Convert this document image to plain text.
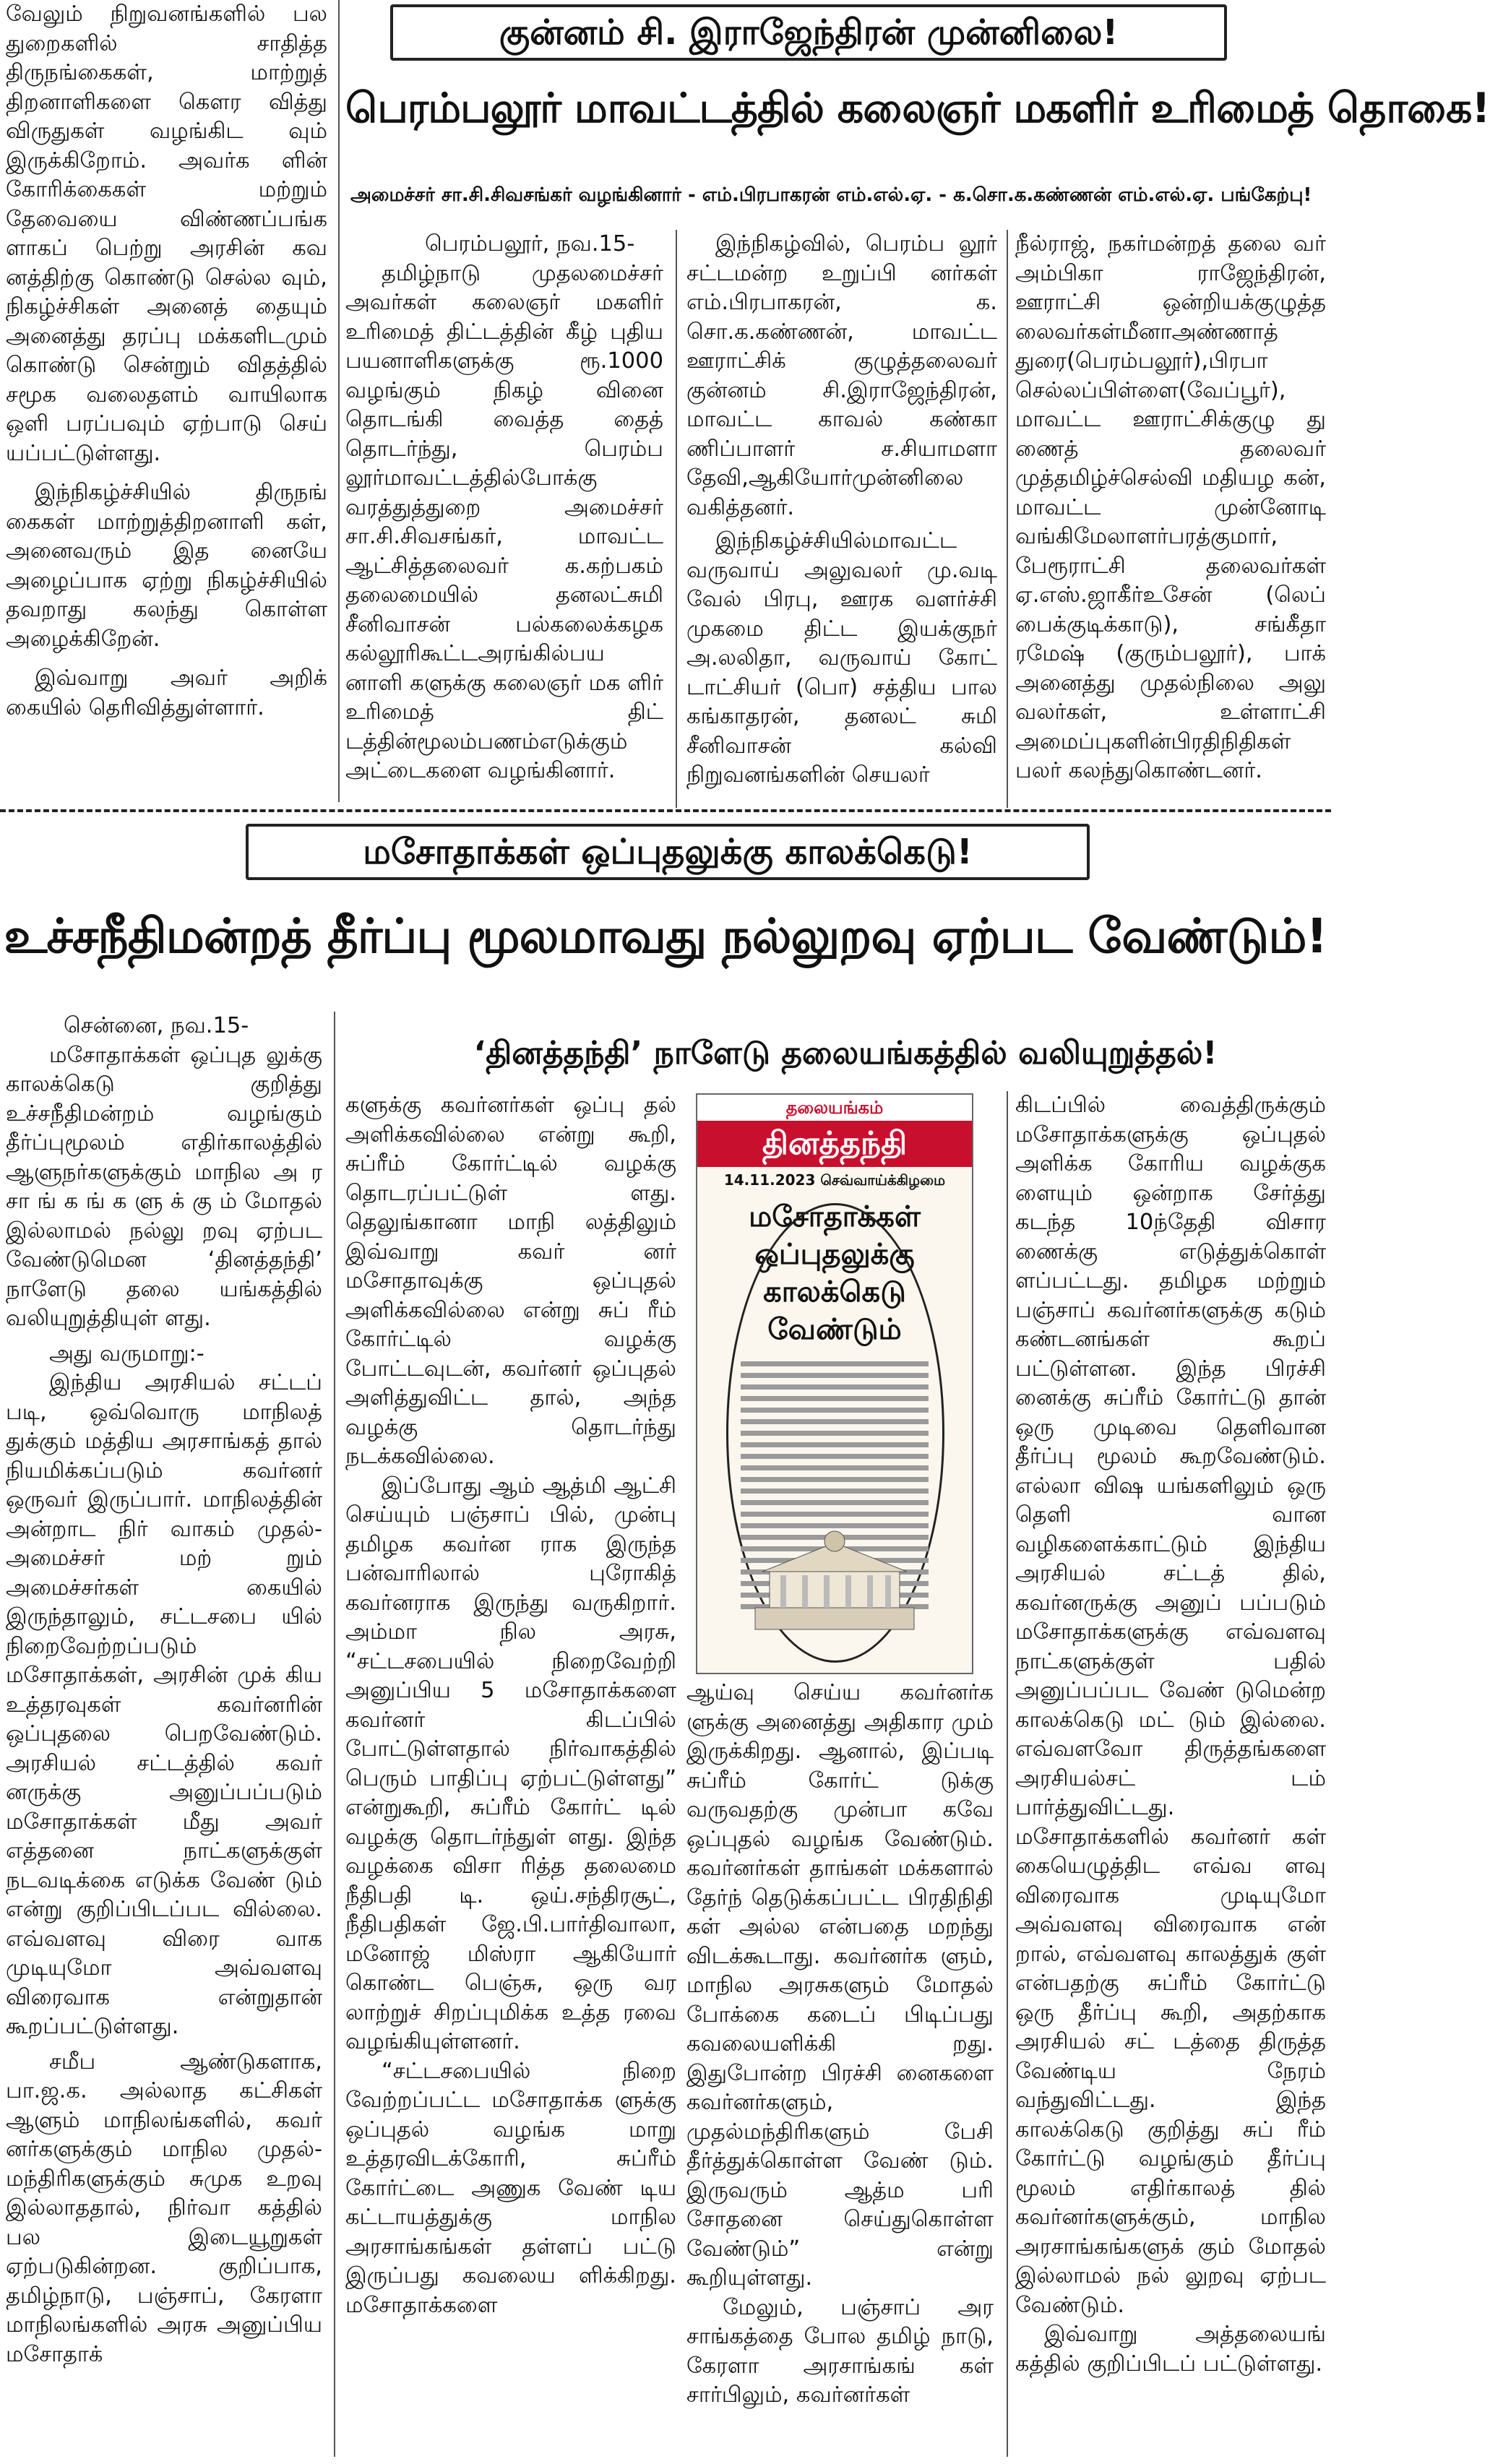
வேலும் நிறுவனங்களில் பல துறைகளில் சாதித்த திருநங்கைகள், மாற்றுத் திறனாளிகளை கௌர வித்து விருதுகள் வழங்கிட வும் இருக்கிறோம். அவர்க ளின் கோரிக்கைகள் மற்றும் தேவையை விண்ணப்பங்க ளாகப் பெற்று அரசின் கவ னத்திற்கு கொண்டு செல்ல வும், நிகழ்ச்சிகள் அனைத் தையும் அனைத்து தரப்பு மக்களிடமும் கொண்டு சென்றும் விதத்தில் சமூக வலைதளம் வாயிலாக ஒளி பரப்பவும் ஏற்பாடு செய் யப்பட்டுள்ளது.

இந்நிகழ்ச்சியில் திருநங் கைகள் மாற்றுத்திறனாளி கள், அனைவரும் இத னையே அழைப்பாக ஏற்று நிகழ்ச்சியில் தவறாது கலந்து கொள்ள அழைக்கிறேன்.

இவ்வாறு அவர் அறிக் கையில் தெரிவித்துள்ளார்.

குன்னம் சி. இராஜேந்திரன் முன்னிலை!
பெரம்பலூர் மாவட்டத்தில் கலைஞர் மகளிர் உரிமைத் தொகை!
அமைச்சர் சா.சி.சிவசங்கர் வழங்கினார் - எம்.பிரபாகரன் எம்.எல்.ஏ. - க.சொ.க.கண்ணன் எம்.எல்.ஏ. பங்கேற்பு!

பெரம்பலூர், நவ.15-

தமிழ்நாடு முதலமைச்சர் அவர்கள் கலைஞர் மகளிர் உரிமைத் திட்டத்தின் கீழ் புதிய பயனாளிகளுக்கு ரூ.1000 வழங்கும் நிகழ் வினை தொடங்கி வைத்த தைத் தொடர்ந்து, பெரம்ப லூர்மாவட்டத்தில்போக்கு வரத்துத்துறை அமைச்சர் சா.சி.சிவசங்கர், மாவட்ட ஆட்சித்தலைவர் க.கற்பகம் தலைமையில் தனலட்சுமி சீனிவாசன் பல்கலைக்கழக கல்லூரிகூட்டஅரங்கில்பய னாளி களுக்கு கலைஞர் மக ளிர் உரிமைத் திட் டத்தின்மூலம்பணம்எடுக்கும் அட்டைகளை வழங்கினார்.

இந்நிகழ்வில், பெரம்ப லூர் சட்டமன்ற உறுப்பி னர்கள் எம்.பிரபாகரன், க. சொ.க.கண்ணன், மாவட்ட ஊராட்சிக் குழுத்தலைவர் குன்னம் சி.இராஜேந்திரன், மாவட்ட காவல் கண்கா ணிப்பாளர் ச.சியாமளா தேவி,ஆகியோர்முன்னிலை வகித்தனர்.

இந்நிகழ்ச்சியில்மாவட்ட வருவாய் அலுவலர் மு.வடி வேல் பிரபு, ஊரக வளர்ச்சி முகமை திட்ட இயக்குநர் அ.லலிதா, வருவாய் கோட் டாட்சியர் (பொ) சத்திய பால கங்காதரன், தனலட் சுமி சீனிவாசன் கல்வி நிறுவனங்களின் செயலர்

நீல்ராஜ், நகர்மன்றத் தலை வர் அம்பிகா ராஜேந்திரன், ஊராட்சி ஒன்றியக்குழுத்த லைவர்கள்மீனாஅண்ணாத் துரை(பெரம்பலூர்),பிரபா செல்லப்பிள்ளை(வேப்பூர்), மாவட்ட ஊராட்சிக்குழு து ணைத் தலைவர் முத்தமிழ்ச்செல்வி மதியழ கன், மாவட்ட முன்னோடி வங்கிமேலாளர்பரத்குமார், பேரூராட்சி தலைவர்கள் ஏ.எஸ்.ஜாகீர்உசேன் (லெப் பைக்குடிக்காடு), சங்கீதா ரமேஷ் (குரும்பலூர்), பாக் அனைத்து முதல்நிலை அலு வலர்கள், உள்ளாட்சி அமைப்புகளின்பிரதிநிதிகள் பலர் கலந்துகொண்டனர்.

மசோதாக்கள் ஒப்புதலுக்கு காலக்கெடு!
உச்சநீதிமன்றத் தீர்ப்பு மூலமாவது நல்லுறவு ஏற்பட வேண்டும்!

சென்னை, நவ.15-

மசோதாக்கள் ஒப்புத லுக்கு காலக்கெடு குறித்து உச்சநீதிமன்றம் வழங்கும் தீர்ப்புமூலம் எதிர்காலத்தில் ஆளுநர்களுக்கும் மாநில அ ர சா ங் க ங் க ளு க் கு ம் மோதல் இல்லாமல் நல்லு றவு ஏற்பட வேண்டுமென ‘தினத்தந்தி’ நாளேடு தலை யங்கத்தில் வலியுறுத்தியுள் ளது.

அது வருமாறு:-

இந்திய அரசியல் சட்டப் படி, ஒவ்வொரு மாநிலத் துக்கும் மத்திய அரசாங்கத் தால் நியமிக்கப்படும் கவர்னர் ஒருவர் இருப்பார். மாநிலத்தின் அன்றாட நிர் வாகம் முதல்-அமைச்சர் மற் றும் அமைச்சர்கள் கையில் இருந்தாலும், சட்டசபை யில் நிறைவேற்றப்படும் மசோதாக்கள், அரசின் முக் கிய உத்தரவுகள் கவர்னரின் ஒப்புதலை பெறவேண்டும். அரசியல் சட்டத்தில் கவர் னருக்கு அனுப்பப்படும் மசோதாக்கள் மீது அவர் எத்தனை நாட்களுக்குள் நடவடிக்கை எடுக்க வேண் டும் என்று குறிப்பிடப்பட வில்லை. எவ்வளவு விரை வாக முடியுமோ அவ்வளவு விரைவாக என்றுதான் கூறப்பட்டுள்ளது.

சமீப ஆண்டுகளாக, பா.ஜ.க. அல்லாத கட்சிகள் ஆளும் மாநிலங்களில், கவர் னர்களுக்கும் மாநில முதல்- மந்திரிகளுக்கும் சுமுக உறவு இல்லாததால், நிர்வா கத்தில் பல இடையூறுகள் ஏற்படுகின்றன. குறிப்பாக, தமிழ்நாடு, பஞ்சாப், கேரளா மாநிலங்களில் அரசு அனுப்பிய மசோதாக்

‘தினத்தந்தி’ நாளேடு தலையங்கத்தில் வலியுறுத்தல்!

களுக்கு கவர்னர்கள் ஒப்பு தல் அளிக்கவில்லை என்று கூறி, சுப்ரீம் கோர்ட்டில் வழக்கு தொடரப்பட்டுள் ளது. தெலுங்கானா மாநி லத்திலும் இவ்வாறு கவர் னர் மசோதாவுக்கு ஒப்புதல் அளிக்கவில்லை என்று சுப் ரீம் கோர்ட்டில் வழக்கு போட்டவுடன், கவர்னர் ஒப்புதல் அளித்துவிட்ட தால், அந்த வழக்கு தொடர்ந்து நடக்கவில்லை.

இப்போது ஆம் ஆத்மி ஆட்சி செய்யும் பஞ்சாப் பில், முன்பு தமிழக கவர்ன ராக இருந்த பன்வாரிலால் புரோகித் கவர்னராக இருந்து வருகிறார். அம்மா நில அரசு, “சட்டசபையில் நிறைவேற்றி அனுப்பிய 5 மசோதாக்களை கவர்னர் கிடப்பில் போட்டுள்ளதால் நிர்வாகத்தில் பெரும் பாதிப்பு ஏற்பட்டுள்ளது” என்றுகூறி, சுப்ரீம் கோர்ட் டில் வழக்கு தொடர்ந்துள் ளது. இந்த வழக்கை விசா ரித்த தலைமை நீதிபதி டி. ஒய்.சந்திரசூட், நீதிபதிகள் ஜே.பி.பார்திவாலா, மனோஜ் மிஸ்ரா ஆகியோர் கொண்ட பெஞ்சு, ஒரு வர லாற்றுச் சிறப்புமிக்க உத்த ரவை வழங்கியுள்ளனர்.

“சட்டசபையில் நிறை வேற்றப்பட்ட மசோதாக்க ளுக்கு ஒப்புதல் வழங்க மாறு உத்தரவிடக்கோரி, சுப்ரீம் கோர்ட்டை அணுக வேண் டிய கட்டாயத்துக்கு மாநில அரசாங்கங்கள் தள்ளப் பட்டு இருப்பது கவலைய ளிக்கிறது. மசோதாக்களை

தலையங்கம்
தினத்தந்தி
14.11.2023 செவ்வாய்க்கிழமை
மசோதாக்கள் ஒப்புதலுக்கு காலக்கெடு வேண்டும்

ஆய்வு செய்ய கவர்னர்க ளுக்கு அனைத்து அதிகார மும் இருக்கிறது. ஆனால், இப்படி சுப்ரீம் கோர்ட் டுக்கு வருவதற்கு முன்பா கவே ஒப்புதல் வழங்க வேண்டும். கவர்னர்கள் தாங்கள் மக்களால் தேர்ந் தெடுக்கப்பட்ட பிரதிநிதி கள் அல்ல என்பதை மறந்து விடக்கூடாது. கவர்னர்க ளும், மாநில அரசுகளும் மோதல் போக்கை கடைப் பிடிப்பது கவலையளிக்கி றது. இதுபோன்ற பிரச்சி னைகளை கவர்னர்களும், முதல்மந்திரிகளும் பேசி தீர்த்துக்கொள்ள வேண் டும். இருவரும் ஆத்ம பரி சோதனை செய்துகொள்ள வேண்டும்” என்று கூறியுள்ளது.

மேலும், பஞ்சாப் அர சாங்கத்தை போல தமிழ் நாடு, கேரளா அரசாங்கங் கள் சார்பிலும், கவர்னர்கள்

கிடப்பில் வைத்திருக்கும் மசோதாக்களுக்கு ஒப்புதல் அளிக்க கோரிய வழக்குக ளையும் ஒன்றாக சேர்த்து கடந்த 10ந்தேதி விசார ணைக்கு எடுத்துக்கொள் ளப்பட்டது. தமிழக மற்றும் பஞ்சாப் கவர்னர்களுக்கு கடும் கண்டனங்கள் கூறப் பட்டுள்ளன. இந்த பிரச்சி னைக்கு சுப்ரீம் கோர்ட்டு தான் ஒரு முடிவை தெளிவான தீர்ப்பு மூலம் கூறவேண்டும். எல்லா விஷ யங்களிலும் ஒரு தெளி வான வழிகளைக்காட்டும் இந்திய அரசியல் சட்டத் தில், கவர்னருக்கு அனுப் பப்படும் மசோதாக்களுக்கு எவ்வளவு நாட்களுக்குள் பதில் அனுப்பப்பட வேண் டுமென்ற காலக்கெடு மட் டும் இல்லை. எவ்வளவோ திருத்தங்களை அரசியல்சட் டம் பார்த்துவிட்டது. மசோதாக்களில் கவர்னர் கள் கையெழுத்திட எவ்வ ளவு விரைவாக முடியுமோ அவ்வளவு விரைவாக என் றால், எவ்வளவு காலத்துக் குள் என்பதற்கு சுப்ரீம் கோர்ட்டு ஒரு தீர்ப்பு கூறி, அதற்காக அரசியல் சட் டத்தை திருத்த வேண்டிய நேரம் வந்துவிட்டது. இந்த காலக்கெடு குறித்து சுப் ரீம் கோர்ட்டு வழங்கும் தீர்ப்பு மூலம் எதிர்காலத் தில் கவர்னர்களுக்கும், மாநில அரசாங்கங்களுக் கும் மோதல் இல்லாமல் நல் லுறவு ஏற்பட வேண்டும்.

இவ்வாறு அத்தலையங் கத்தில் குறிப்பிடப் பட்டுள்ளது.
